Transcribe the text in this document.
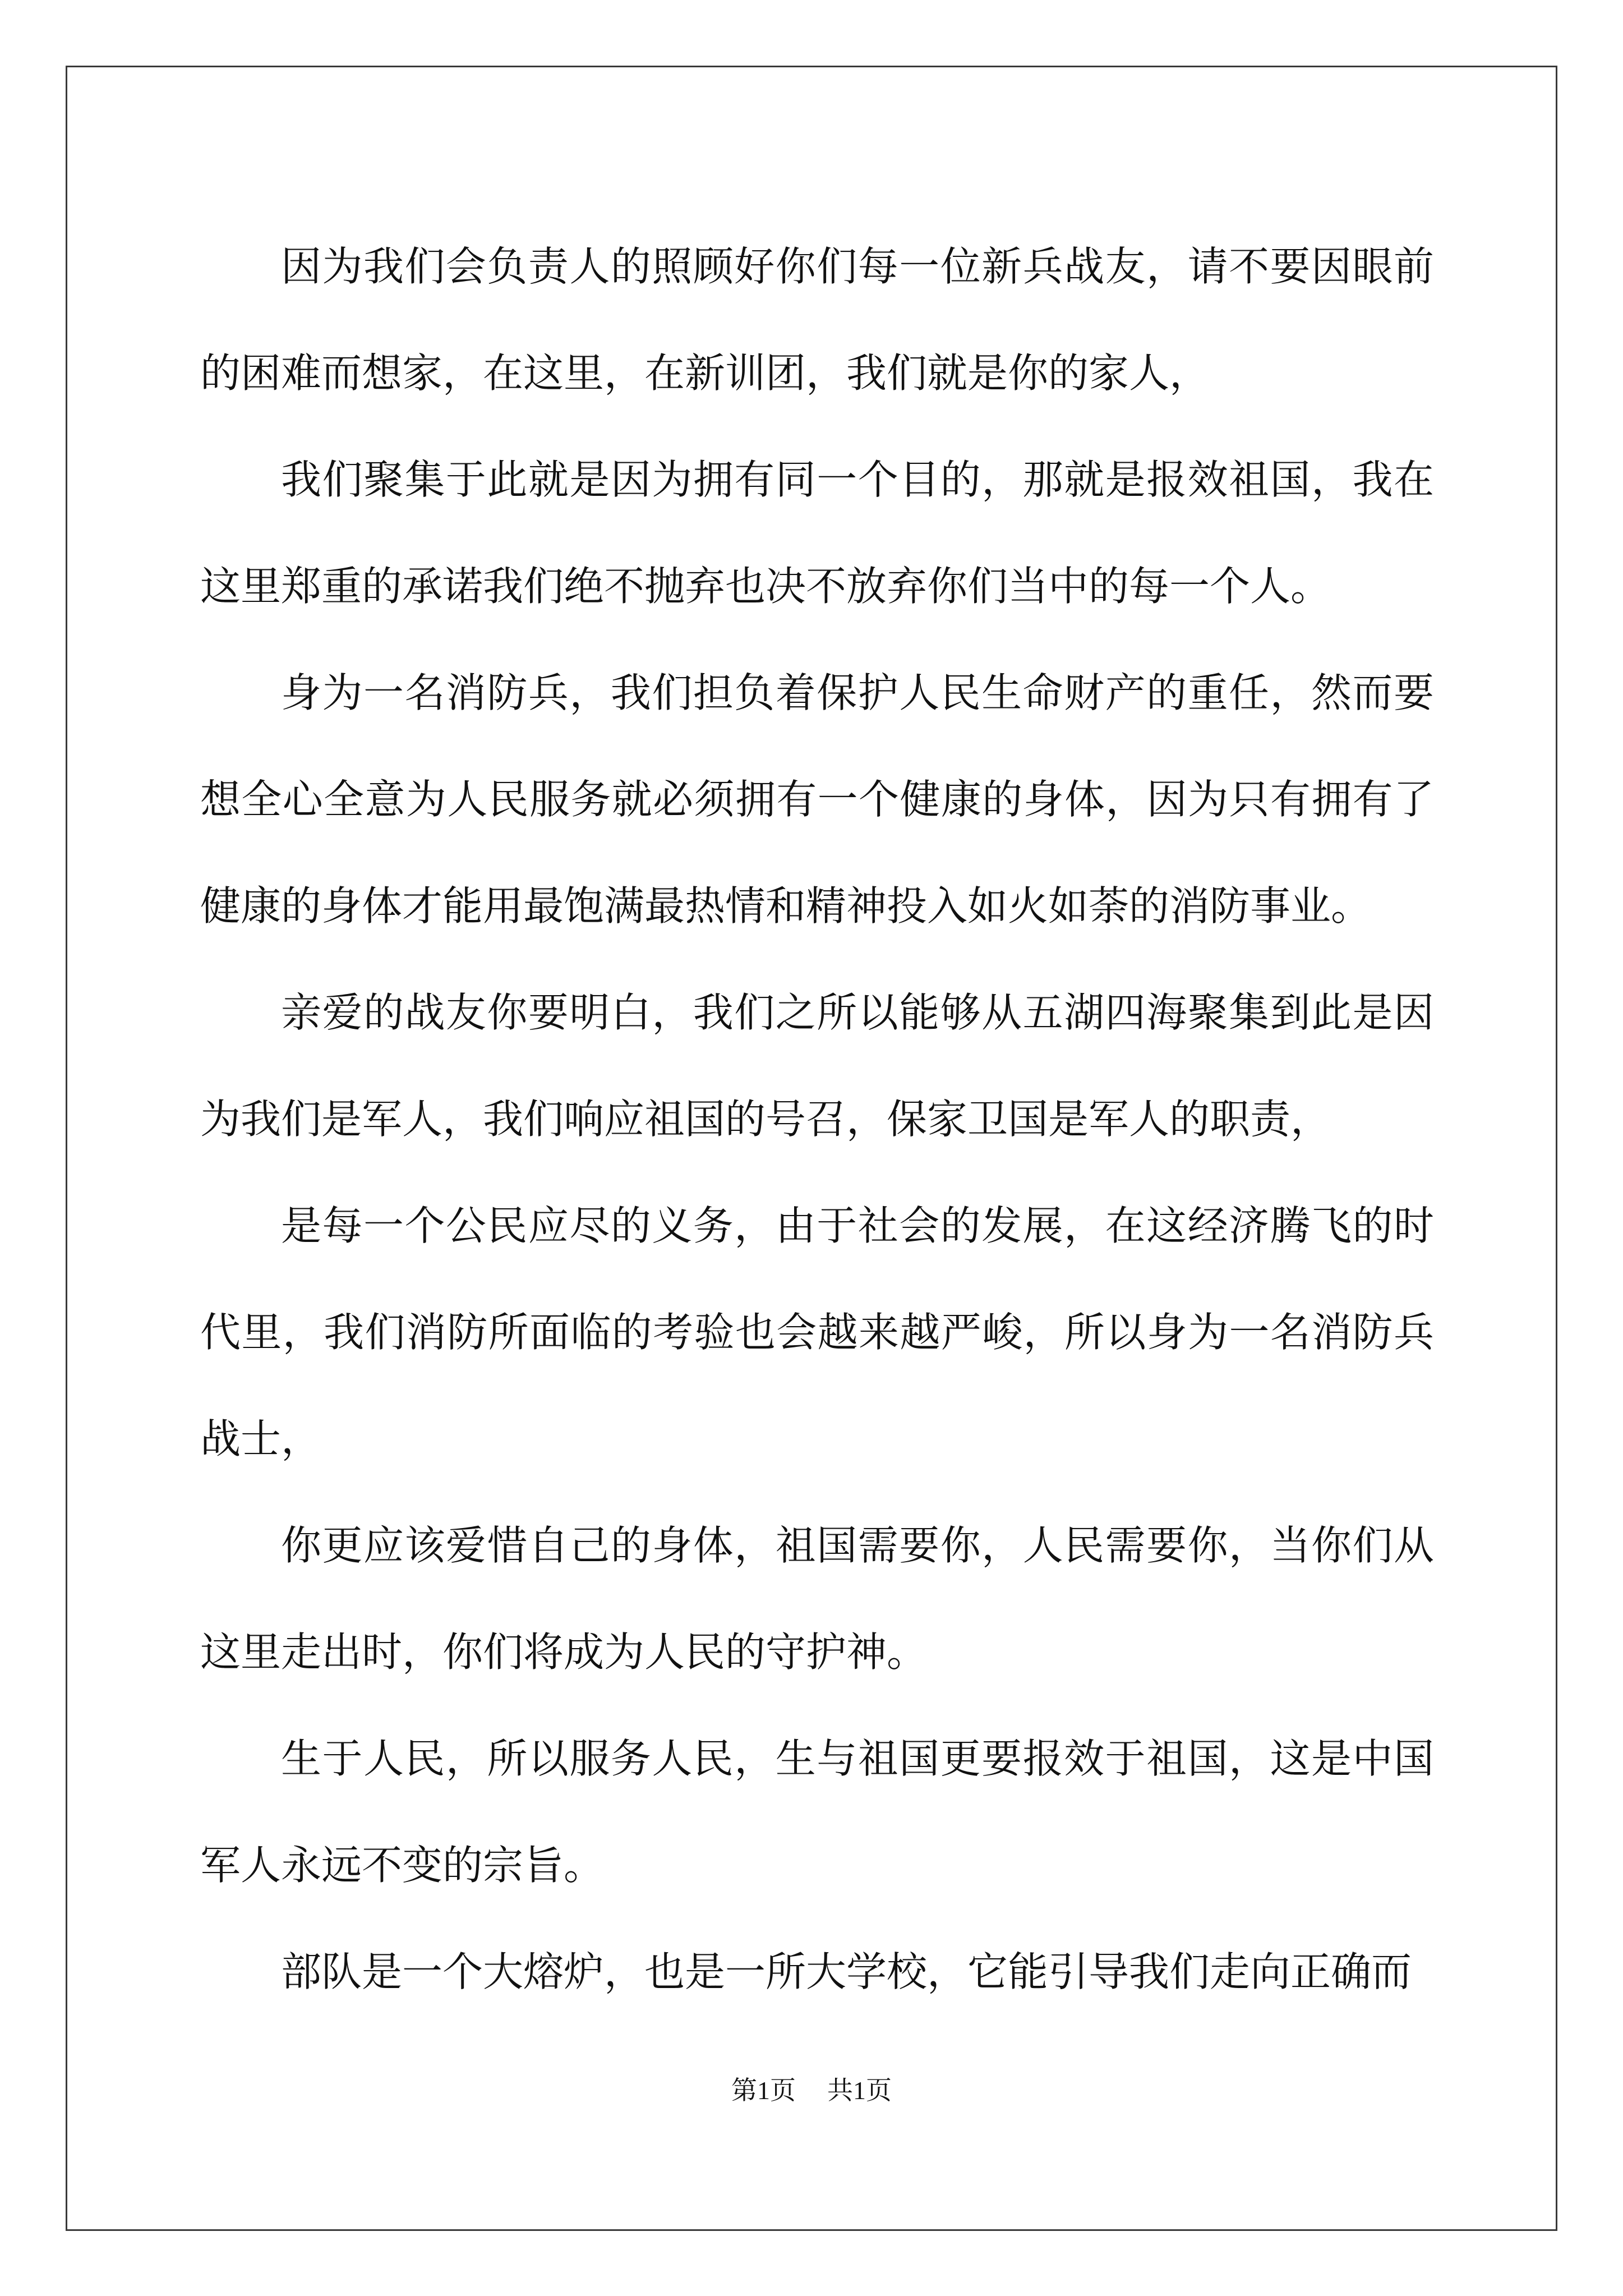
因为我们会负责人的照顾好你们每一位新兵战友，请不要因眼前的困难而想家，在这里，在新训团，我们就是你的家人，

我们聚集于此就是因为拥有同一个目的，那就是报效祖国，我在这里郑重的承诺我们绝不抛弃也决不放弃你们当中的每一个人。

身为一名消防兵，我们担负着保护人民生命财产的重任，然而要想全心全意为人民服务就必须拥有一个健康的身体，因为只有拥有了健康的身体才能用最饱满最热情和精神投入如火如荼的消防事业。

亲爱的战友你要明白，我们之所以能够从五湖四海聚集到此是因为我们是军人，我们响应祖国的号召，保家卫国是军人的职责，

是每一个公民应尽的义务，由于社会的发展，在这经济腾飞的时代里，我们消防所面临的考验也会越来越严峻，所以身为一名消防兵战士，

你更应该爱惜自己的身体，祖国需要你，人民需要你，当你们从这里走出时，你们将成为人民的守护神。

生于人民，所以服务人民，生与祖国更要报效于祖国，这是中国军人永远不变的宗旨。

部队是一个大熔炉，也是一所大学校，它能引导我们走向正确而

第1页 共1页
